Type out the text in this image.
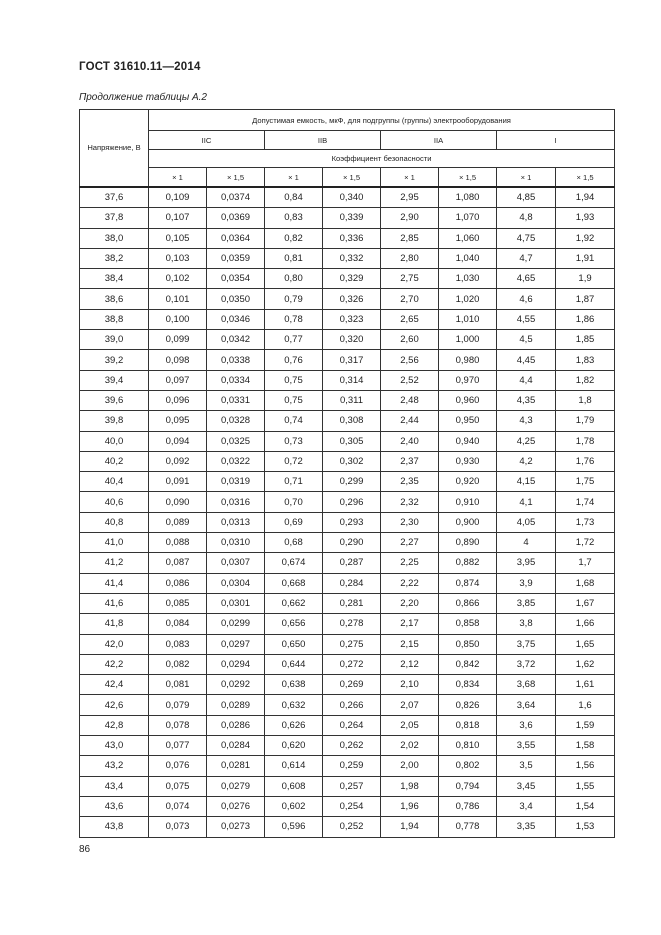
ГОСТ 31610.11—2014
Продолжение таблицы А.2
Напряжение, В	Допустимая емкость, мкФ, для подгруппы (группы) электрооборудования							
	IIC		IIB		IIA		I	
	Коэффициент безопасности							
	× 1	× 1,5	× 1	× 1,5	× 1	× 1,5	× 1	× 1,5
37,6	0,109	0,0374	0,84	0,340	2,95	1,080	4,85	1,94
37,8	0,107	0,0369	0,83	0,339	2,90	1,070	4,8	1,93
38,0	0,105	0,0364	0,82	0,336	2,85	1,060	4,75	1,92
38,2	0,103	0,0359	0,81	0,332	2,80	1,040	4,7	1,91
38,4	0,102	0,0354	0,80	0,329	2,75	1,030	4,65	1,9
38,6	0,101	0,0350	0,79	0,326	2,70	1,020	4,6	1,87
38,8	0,100	0,0346	0,78	0,323	2,65	1,010	4,55	1,86
39,0	0,099	0,0342	0,77	0,320	2,60	1,000	4,5	1,85
39,2	0,098	0,0338	0,76	0,317	2,56	0,980	4,45	1,83
39,4	0,097	0,0334	0,75	0,314	2,52	0,970	4,4	1,82
39,6	0,096	0,0331	0,75	0,311	2,48	0,960	4,35	1,8
39,8	0,095	0,0328	0,74	0,308	2,44	0,950	4,3	1,79
40,0	0,094	0,0325	0,73	0,305	2,40	0,940	4,25	1,78
40,2	0,092	0,0322	0,72	0,302	2,37	0,930	4,2	1,76
40,4	0,091	0,0319	0,71	0,299	2,35	0,920	4,15	1,75
40,6	0,090	0,0316	0,70	0,296	2,32	0,910	4,1	1,74
40,8	0,089	0,0313	0,69	0,293	2,30	0,900	4,05	1,73
41,0	0,088	0,0310	0,68	0,290	2,27	0,890	4	1,72
41,2	0,087	0,0307	0,674	0,287	2,25	0,882	3,95	1,7
41,4	0,086	0,0304	0,668	0,284	2,22	0,874	3,9	1,68
41,6	0,085	0,0301	0,662	0,281	2,20	0,866	3,85	1,67
41,8	0,084	0,0299	0,656	0,278	2,17	0,858	3,8	1,66
42,0	0,083	0,0297	0,650	0,275	2,15	0,850	3,75	1,65
42,2	0,082	0,0294	0,644	0,272	2,12	0,842	3,72	1,62
42,4	0,081	0,0292	0,638	0,269	2,10	0,834	3,68	1,61
42,6	0,079	0,0289	0,632	0,266	2,07	0,826	3,64	1,6
42,8	0,078	0,0286	0,626	0,264	2,05	0,818	3,6	1,59
43,0	0,077	0,0284	0,620	0,262	2,02	0,810	3,55	1,58
43,2	0,076	0,0281	0,614	0,259	2,00	0,802	3,5	1,56
43,4	0,075	0,0279	0,608	0,257	1,98	0,794	3,45	1,55
43,6	0,074	0,0276	0,602	0,254	1,96	0,786	3,4	1,54
43,8	0,073	0,0273	0,596	0,252	1,94	0,778	3,35	1,53
86
